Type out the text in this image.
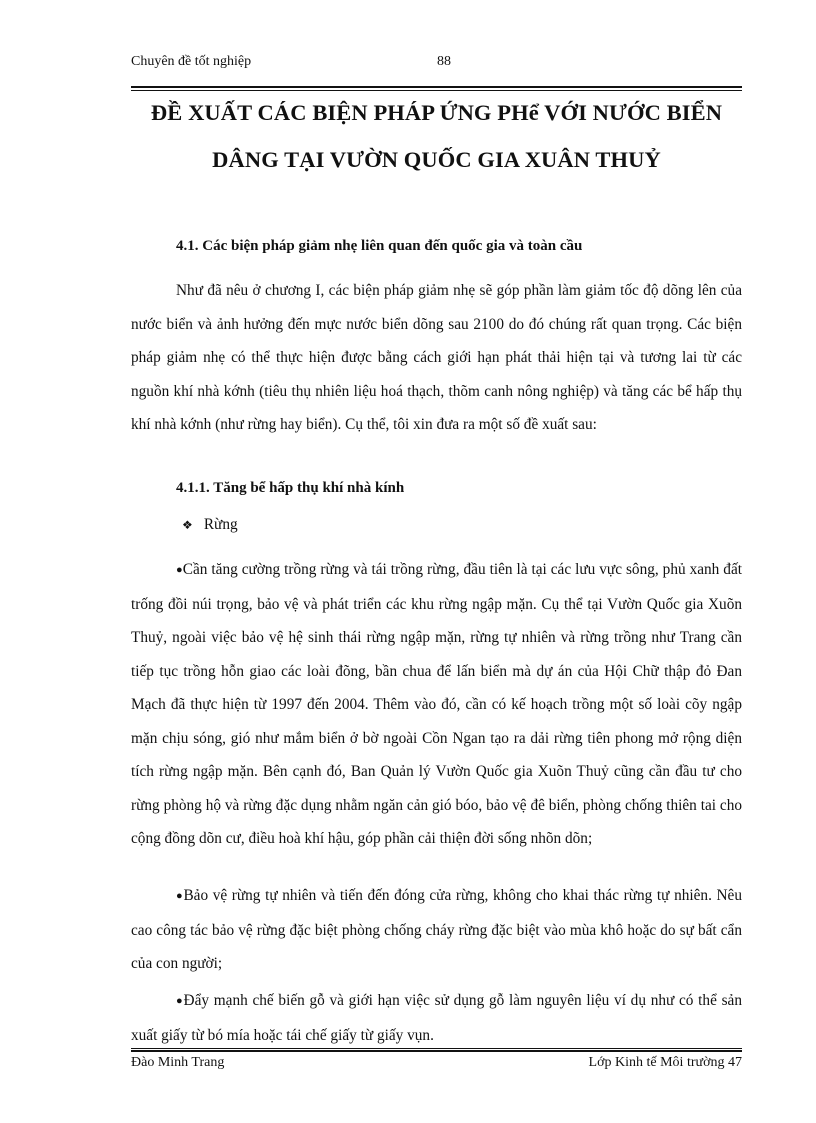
Chuyên đề tốt nghiệp	88
ĐỀ XUẤT CÁC BIỆN PHÁP ỨNG PHể VỚI NƯỚC BIỂN DÂNG TẠI VƯỜN QUỐC GIA XUÂN THUỶ
4.1. Các biện pháp giảm nhẹ liên quan đến quốc gia và toàn cầu

Như đã nêu ở chương I, các biện pháp giảm nhẹ sẽ góp phần làm giảm tốc độ dõng lên của nước biển và ảnh hưởng đến mực nước biển dõng sau 2100 do đó chúng rất quan trọng. Các biện pháp giảm nhẹ có thể thực hiện được bằng cách giới hạn phát thải hiện tại và tương lai từ các nguồn khí nhà kớnh (tiêu thụ nhiên liệu hoá thạch, thõm canh nông nghiệp) và tăng các bể hấp thụ khí nhà kớnh (như rừng hay biển). Cụ thể, tôi xin đưa ra một số đề xuất sau:

4.1.1. Tăng bể hấp thụ khí nhà kính
❖ Rừng

●Cần tăng cường trồng rừng và tái trồng rừng, đầu tiên là tại các lưu vực sông, phủ xanh đất trống đồi núi trọng, bảo vệ và phát triển các khu rừng ngập mặn. Cụ thể tại Vườn Quốc gia Xuõn Thuỷ, ngoài việc bảo vệ hệ sinh thái rừng ngập mặn, rừng tự nhiên và rừng trồng như Trang cần tiếp tục trồng hỗn giao các loài đõng, bần chua để lấn biển mà dự án của Hội Chữ thập đỏ Đan Mạch đã thực hiện từ 1997 đến 2004. Thêm vào đó, cần có kế hoạch trồng một số loài cõy ngập mặn chịu sóng, gió như mắm biển ở bờ ngoài Cồn Ngan tạo ra dải rừng tiên phong mở rộng diện tích rừng ngập mặn. Bên cạnh đó, Ban Quản lý Vườn Quốc gia Xuõn Thuỷ cũng cần đầu tư cho rừng phòng hộ và rừng đặc dụng nhằm ngăn cản gió bóo, bảo vệ đê biển, phòng chống thiên tai cho cộng đồng dõn cư, điều hoà khí hậu, góp phần cải thiện đời sống nhõn dõn;

●Bảo vệ rừng tự nhiên và tiến đến đóng cửa rừng, không cho khai thác rừng tự nhiên. Nêu cao công tác bảo vệ rừng đặc biệt phòng chống cháy rừng đặc biệt vào mùa khô hoặc do sự bất cẩn của con người;

●Đẩy mạnh chế biến gỗ và giới hạn việc sử dụng gỗ làm nguyên liệu ví dụ như có thể sản xuất giấy từ bó mía hoặc tái chế giấy từ giấy vụn.

Đào Minh Trang	Lớp Kinh tế Môi trường 47
